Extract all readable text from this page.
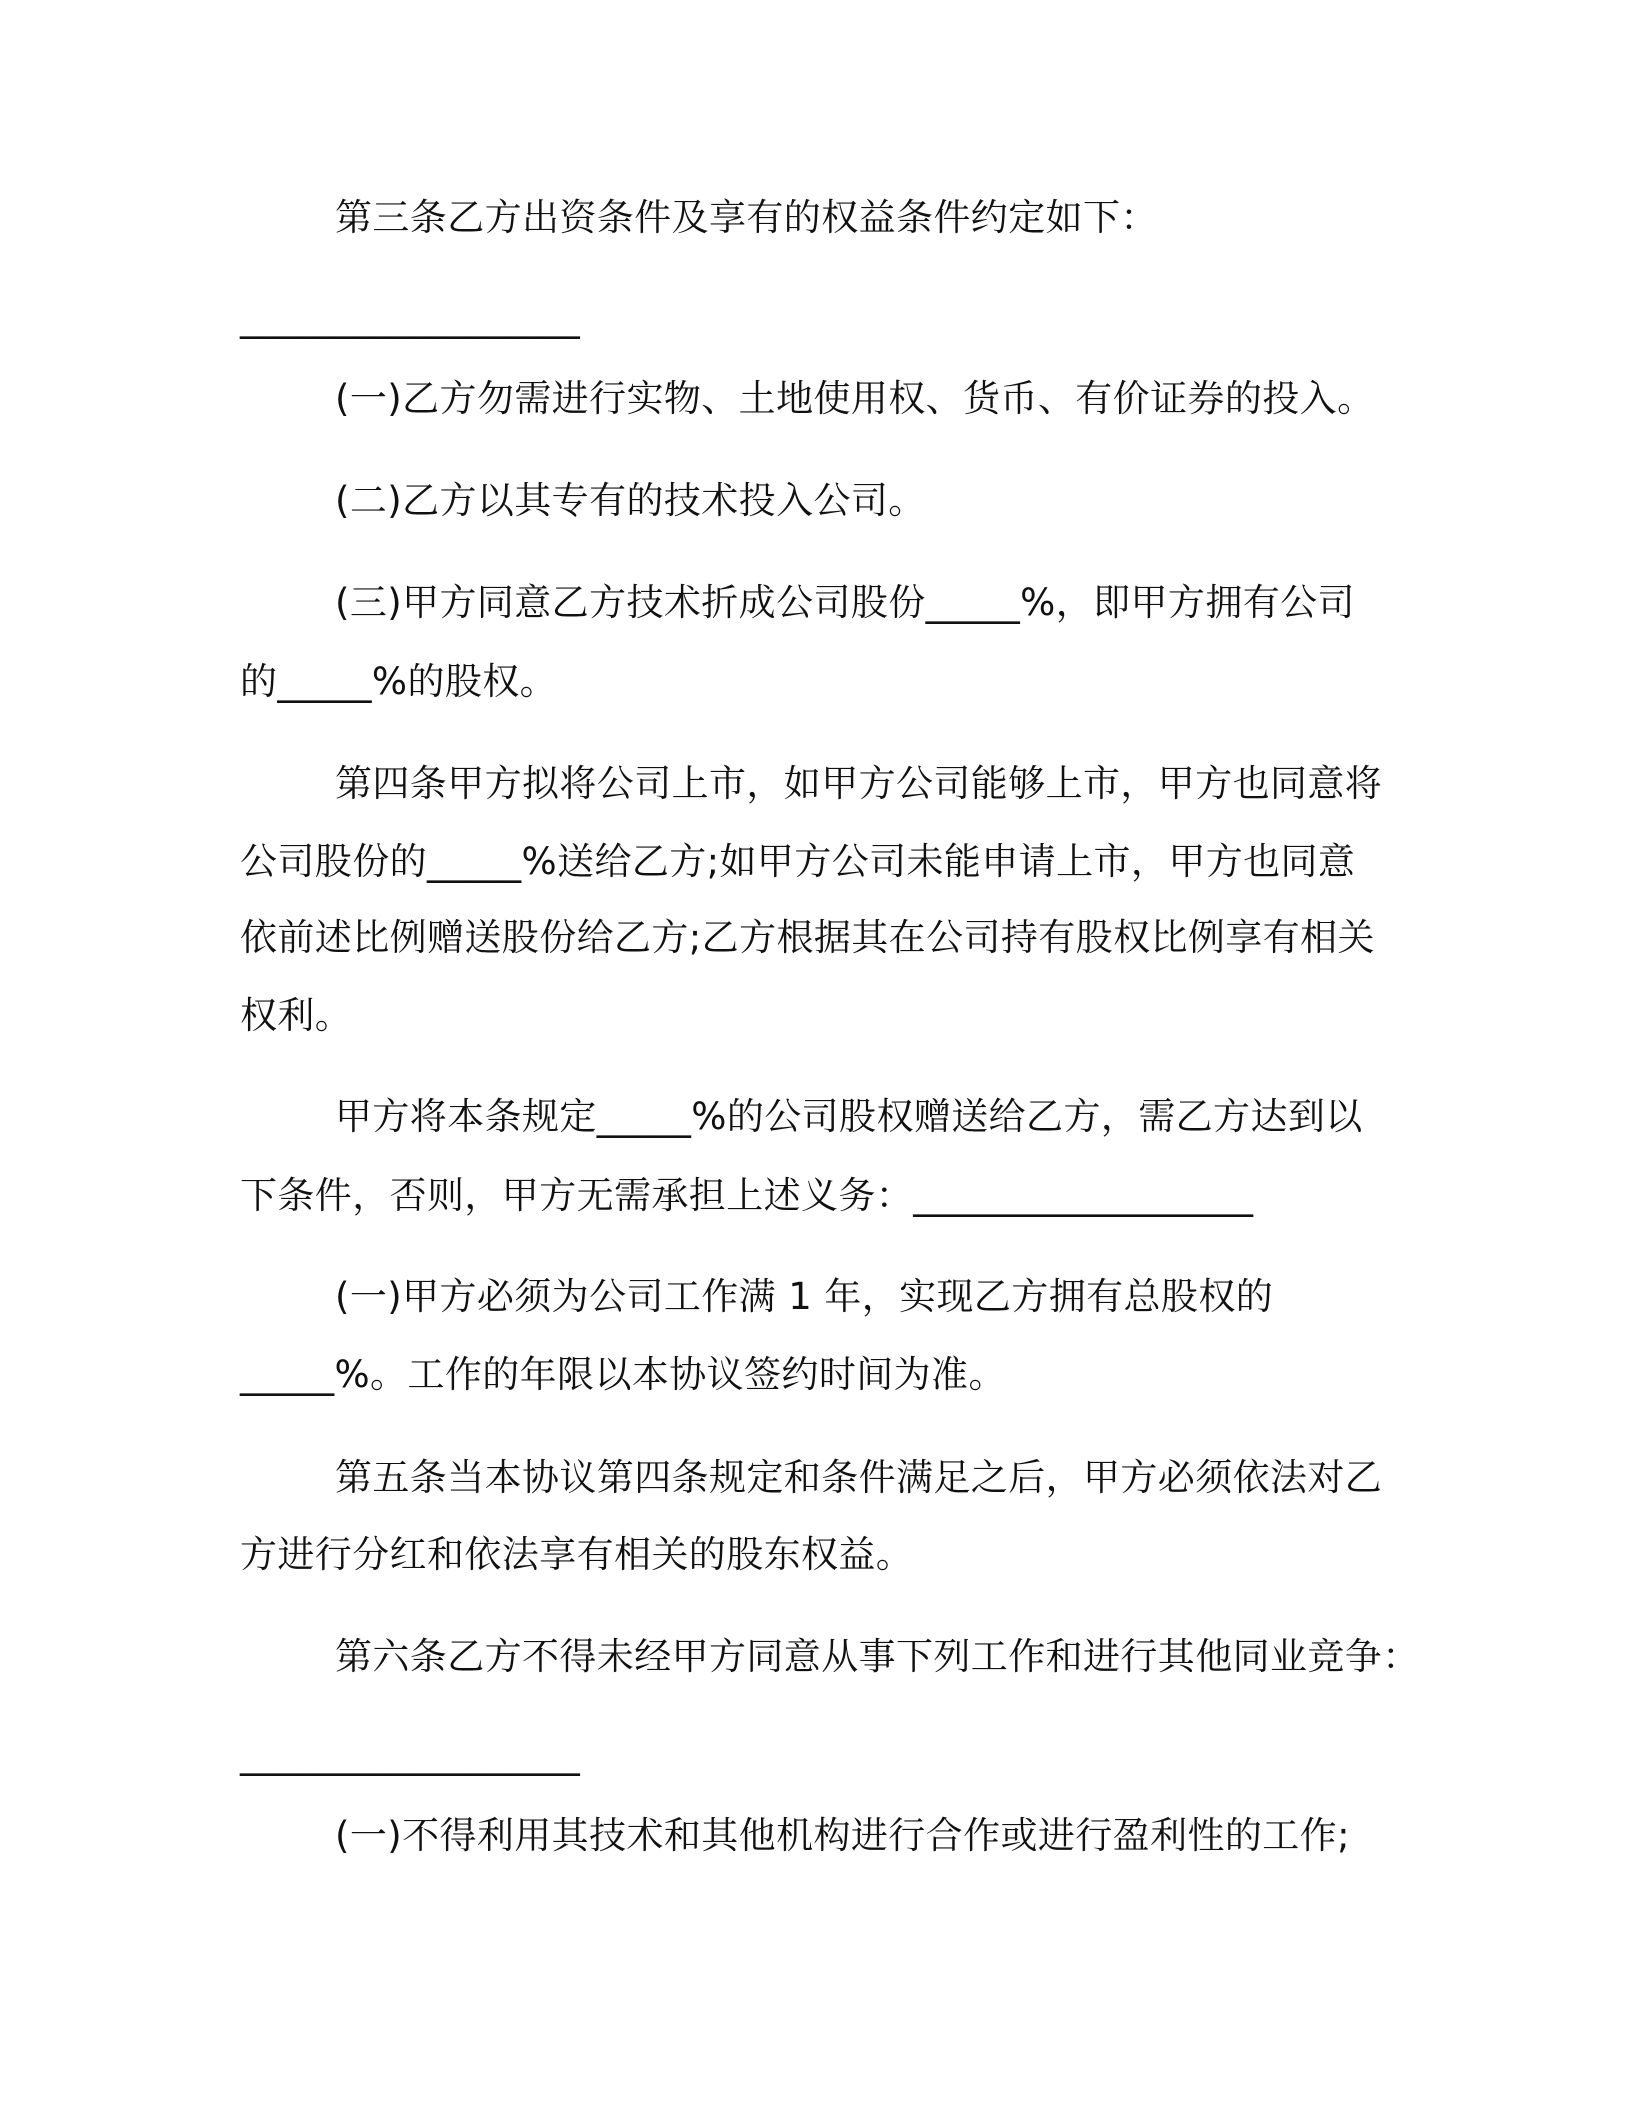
第三条乙方出资条件及享有的权益条件约定如下：
__________________
(一)乙方勿需进行实物、土地使用权、货币、有价证券的投入。
(二)乙方以其专有的技术投入公司。
(三)甲方同意乙方技术折成公司股份_____%，即甲方拥有公司
的_____%的股权。
第四条甲方拟将公司上市，如甲方公司能够上市，甲方也同意将
公司股份的_____%送给乙方;如甲方公司未能申请上市，甲方也同意
依前述比例赠送股份给乙方;乙方根据其在公司持有股权比例享有相关
权利。
甲方将本条规定_____%的公司股权赠送给乙方，需乙方达到以
下条件，否则，甲方无需承担上述义务：__________________
(一)甲方必须为公司工作满 1 年，实现乙方拥有总股权的
_____%。工作的年限以本协议签约时间为准。
第五条当本协议第四条规定和条件满足之后，甲方必须依法对乙
方进行分红和依法享有相关的股东权益。
第六条乙方不得未经甲方同意从事下列工作和进行其他同业竞争：
__________________
(一)不得利用其技术和其他机构进行合作或进行盈利性的工作;
